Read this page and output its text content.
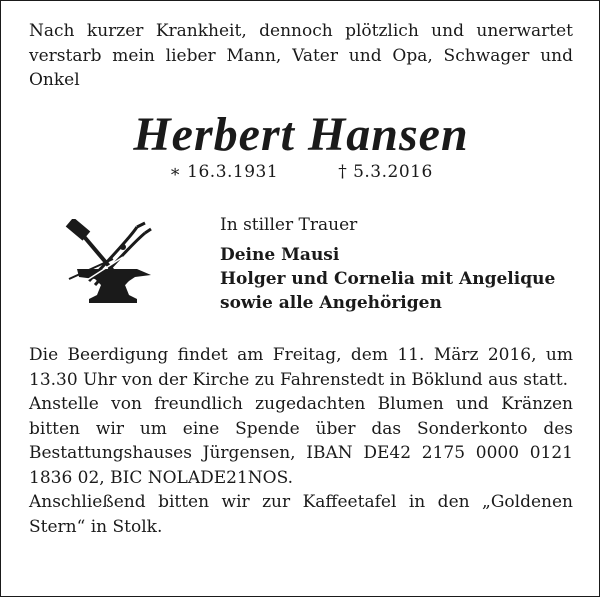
Nach kurzer Krankheit, dennoch plötzlich und unerwartet verstarb mein lieber Mann, Vater und Opa, Schwager und Onkel
Herbert Hansen
∗ 16.3.1931	† 5.3.2016
In stiller Trauer
Deine Mausi
Holger und Cornelia mit Angelique
sowie alle Angehörigen

Die Beerdigung findet am Freitag, dem 11. März 2016, um 13.30 Uhr von der Kirche zu Fahrenstedt in Böklund aus statt.

Anstelle von freundlich zugedachten Blumen und Kränzen bitten wir um eine Spende über das Sonderkonto des Bestattungshauses Jürgensen, IBAN DE42 2175 0000 0121 1836 02, BIC NOLADE21NOS.

Anschließend bitten wir zur Kaffeetafel in den „Goldenen Stern“ in Stolk.
